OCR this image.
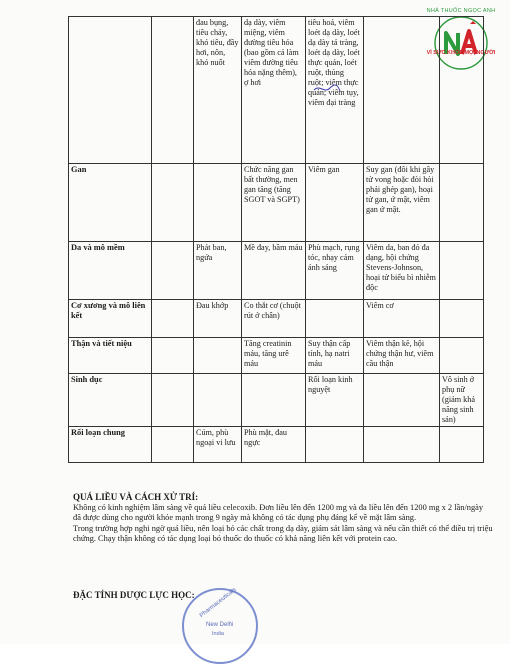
NHÀ THUỐC NGỌC ANH
VÌ SỨC KHỎE MỌI NGƯỜI
		đau bụng, tiêu chảy, khó tiêu, đầy hơi, nôn, khó nuốt	dạ dày, viêm miệng, viêm đường tiêu hóa (bao gồm cả làm viêm đường tiêu hóa nặng thêm), ợ hơi	tiêu hoá, viêm loét dạ dày, loét dạ dày tá tràng, loét dạ dày, loét thực quản, loét ruột, thủng ruột; viêm thực quản; viêm tụy, viêm đại tràng		
Gan			Chức năng gan bất thường, men gan tăng (tăng SGOT và SGPT)	Viêm gan	Suy gan (đôi khi gây tử vong hoặc đòi hỏi phải ghép gan), hoại tử gan, ứ mật, viêm gan ứ mật.	
Da và mô mềm		Phát ban, ngứa	Mề đay, bầm máu	Phù mạch, rụng tóc, nhạy cảm ánh sáng	Viêm da, ban đỏ đa dạng, hội chứng Stevens-Johnson, hoại tử biểu bì nhiễm độc	
Cơ xương và mô liên kết		Đau khớp	Co thắt cơ (chuột rút ở chân)		Viêm cơ	
Thận và tiết niệu			Tăng creatinin máu, tăng urê máu	Suy thận cấp tính, hạ natri máu	Viêm thận kẽ, hội chứng thận hư, viêm cầu thận	
Sinh dục				Rối loạn kinh nguyệt		Vô sinh ở phụ nữ (giảm khả năng sinh sản)
Rối loạn chung		Cúm, phù ngoại vi lưu	Phù mặt, đau ngực			
QUÁ LIỀU VÀ CÁCH XỬ TRÍ:
Không có kinh nghiệm lâm sàng về quá liều celecoxib. Đơn liều lên đến 1200 mg và đa liều lên đến 1200 mg x 2 lần/ngày đã được dùng cho người khỏe mạnh trong 9 ngày mà không có tác dụng phụ đáng kể về mặt lâm sàng.
Trong trường hợp nghi ngờ quá liều, nên loại bỏ các chất trong dạ dày, giám sát lâm sàng và nếu cần thiết có thể điều trị triệu chứng. Chạy thận không có tác dụng loại bỏ thuốc do thuốc có khả năng liên kết với protein cao.
ĐẶC TÍNH DƯỢC LỰC HỌC: Pharmaceuticals
New Delhi
India
